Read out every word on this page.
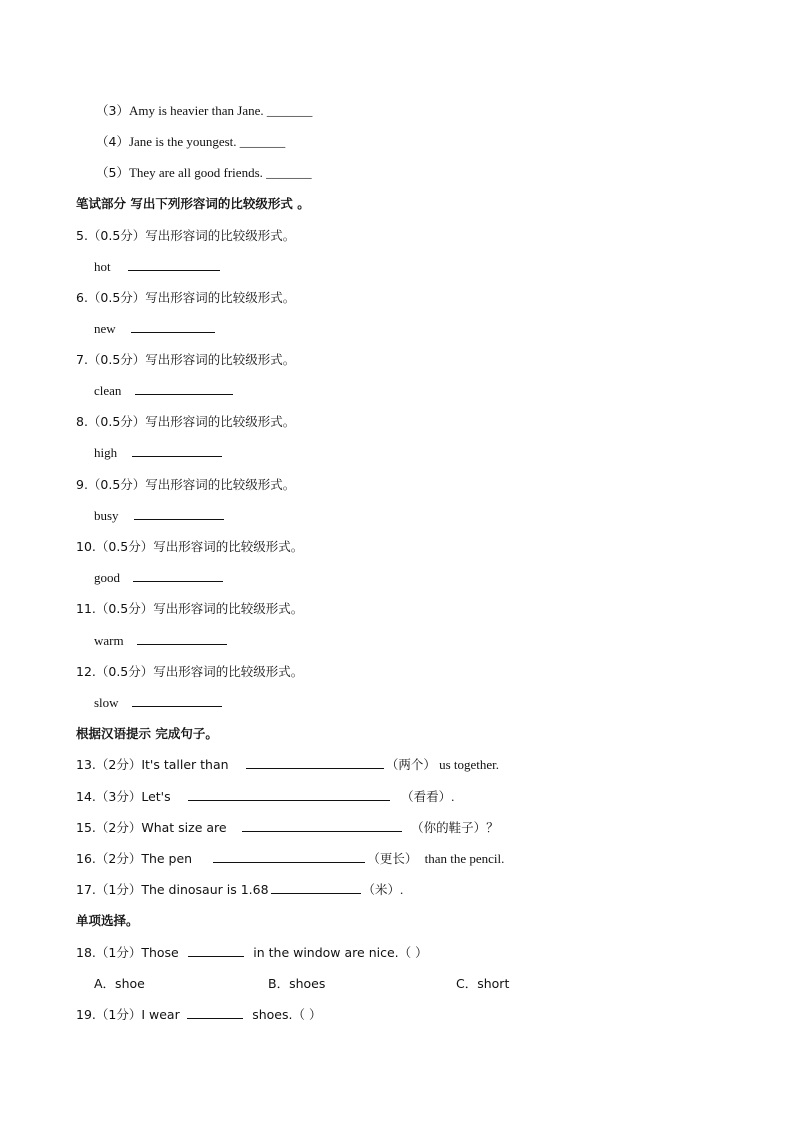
（3）Amy is heavier than Jane. _______
（4）Jane is the youngest. _______
（5）They are all good friends. _______
笔试部分 写出下列形容词的比较级形式 。
5.（0.5分）写出形容词的比较级形式。
hot
6.（0.5分）写出形容词的比较级形式。
new
7.（0.5分）写出形容词的比较级形式。
clean
8.（0.5分）写出形容词的比较级形式。
high
9.（0.5分）写出形容词的比较级形式。
busy
10.（0.5分）写出形容词的比较级形式。
good
11.（0.5分）写出形容词的比较级形式。
warm
12.（0.5分）写出形容词的比较级形式。
slow
根据汉语提示 完成句子。
13.（2分）It's taller than	（两个） us together.
14.（3分）Let's	（看看）.
15.（2分）What size are	（你的鞋子）？
16.（2分）The pen	（更长） than the pencil.
17.（1分）The dinosaur is 1.68	（米）.
单项选择。
18.（1分）Those	in the window are nice.（ ）
A．shoe	B．shoes	C．short
19.（1分）I wear	shoes.（ ）
